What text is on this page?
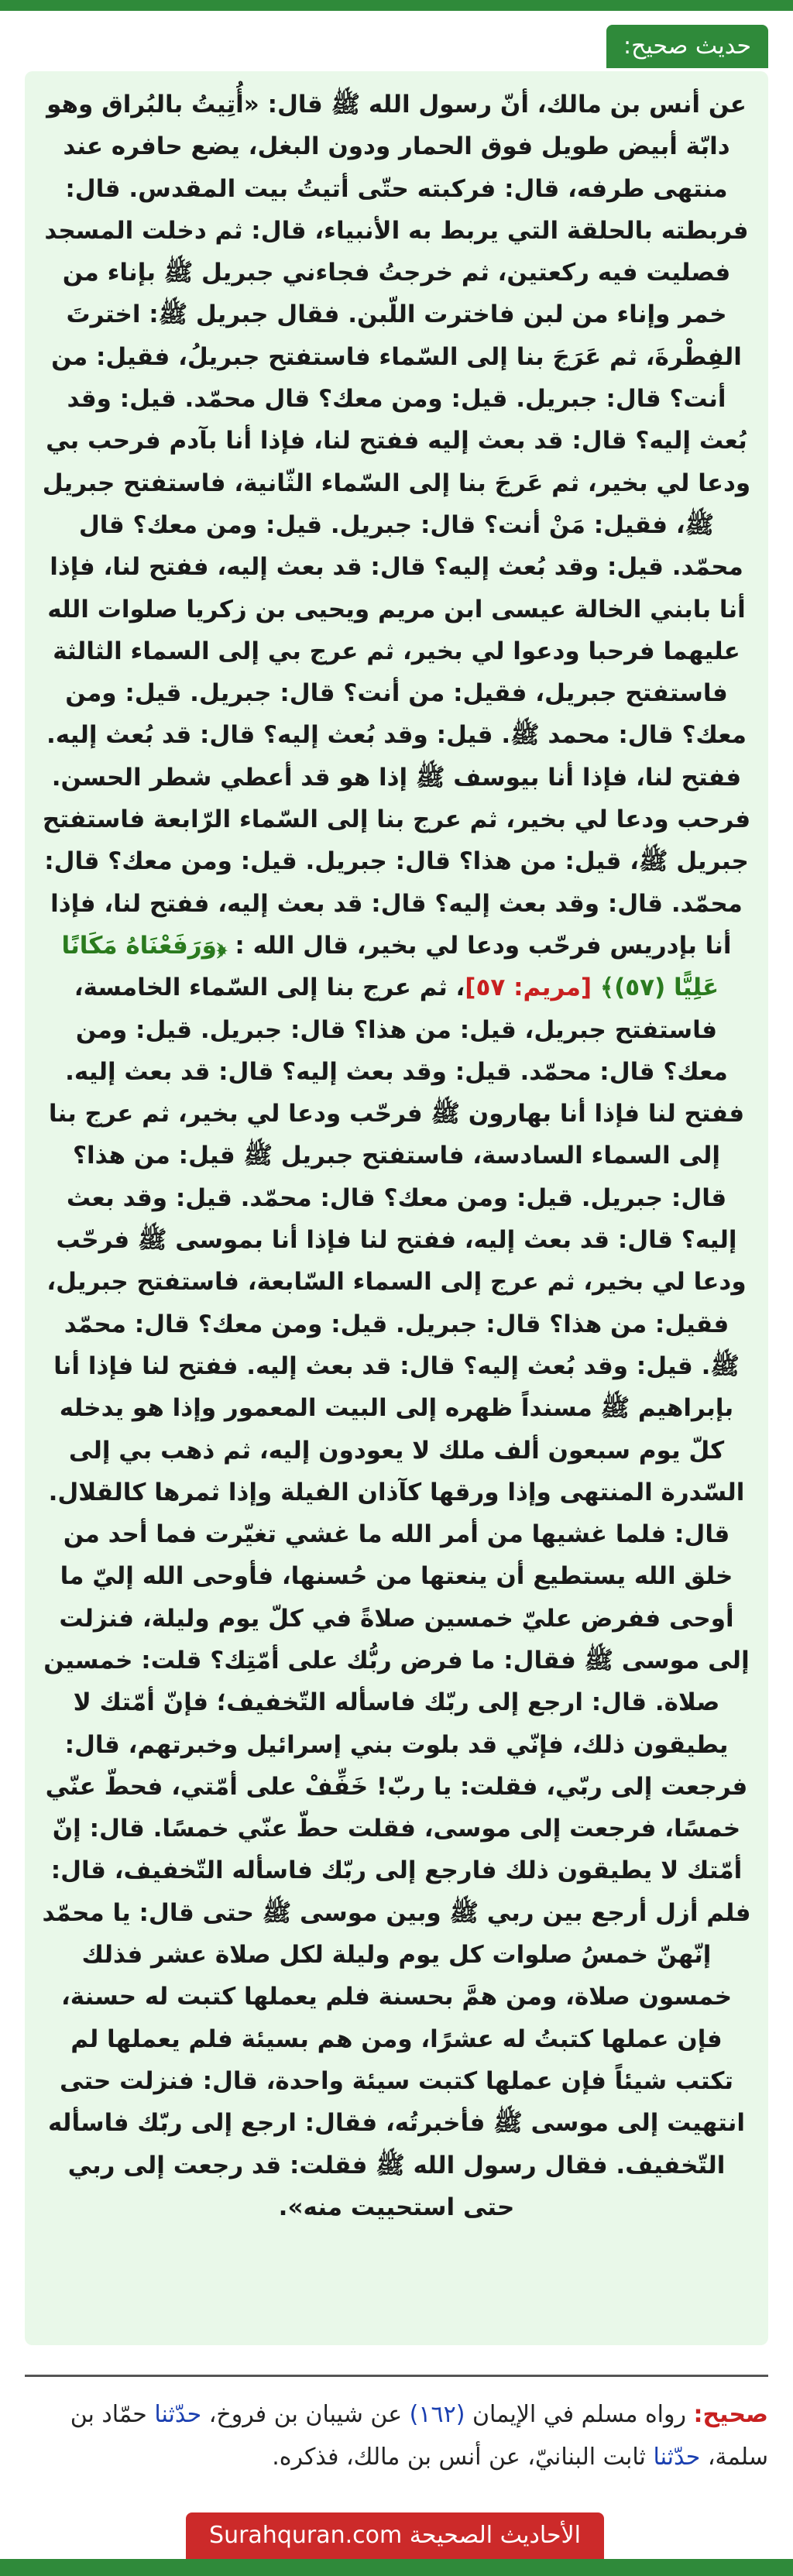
حديث صحيح:

عن أنس بن مالك، أنّ رسول الله ﷺ قال: «أُتِيتُ بالبُراق وهو دابّة أبيض طويل فوق الحمار ودون البغل، يضع حافره عند منتهى طرفه، قال: فركبته حتّى أتيتُ بيت المقدس. قال: فربطته بالحلقة التي يربط به الأنبياء، قال: ثم دخلت المسجد فصليت فيه ركعتين، ثم خرجتُ فجاءني جبريل ﷺ بإناء من خمر وإناء من لبن فاخترت اللّبن. فقال جبريل ﷺ: اخترتَ الفِطْرةَ، ثم عَرَجَ بنا إلى السّماء فاستفتح جبريلُ، فقيل: من أنت؟ قال: جبريل. قيل: ومن معك؟ قال محمّد. قيل: وقد بُعث إليه؟ قال: قد بعث إليه ففتح لنا، فإذا أنا بآدم فرحب بي ودعا لي بخير، ثم عَرجَ بنا إلى السّماء الثّانية، فاستفتح جبريل ﷺ، فقيل: مَنْ أنت؟ قال: جبريل. قيل: ومن معك؟ قال محمّد. قيل: وقد بُعث إليه؟ قال: قد بعث إليه، ففتح لنا، فإذا أنا بابني الخالة عيسى ابن مريم ويحيى بن زكريا صلوات الله عليهما فرحبا ودعوا لي بخير، ثم عرج بي إلى السماء الثالثة فاستفتح جبريل، فقيل: من أنت؟ قال: جبريل. قيل: ومن معك؟ قال: محمد ﷺ. قيل: وقد بُعث إليه؟ قال: قد بُعث إليه. ففتح لنا، فإذا أنا بيوسف ﷺ إذا هو قد أعطي شطر الحسن. فرحب ودعا لي بخير، ثم عرج بنا إلى السّماء الرّابعة فاستفتح جبريل ﷺ، قيل: من هذا؟ قال: جبريل. قيل: ومن معك؟ قال: محمّد. قال: وقد بعث إليه؟ قال: قد بعث إليه، ففتح لنا، فإذا أنا بإدريس فرحّب ودعا لي بخير، قال الله : ﴿وَرَفَعْنَاهُ مَكَانًا عَلِيًّا (٥٧)﴾ [مريم: ٥٧]، ثم عرج بنا إلى السّماء الخامسة، فاستفتح جبريل، قيل: من هذا؟ قال: جبريل. قيل: ومن معك؟ قال: محمّد. قيل: وقد بعث إليه؟ قال: قد بعث إليه. ففتح لنا فإذا أنا بهارون ﷺ فرحّب ودعا لي بخير، ثم عرج بنا إلى السماء السادسة، فاستفتح جبريل ﷺ قيل: من هذا؟ قال: جبريل. قيل: ومن معك؟ قال: محمّد. قيل: وقد بعث إليه؟ قال: قد بعث إليه، ففتح لنا فإذا أنا بموسى ﷺ فرحّب ودعا لي بخير، ثم عرج إلى السماء السّابعة، فاستفتح جبريل، فقيل: من هذا؟ قال: جبريل. قيل: ومن معك؟ قال: محمّد ﷺ. قيل: وقد بُعث إليه؟ قال: قد بعث إليه. ففتح لنا فإذا أنا بإبراهيم ﷺ مسنداً ظهره إلى البيت المعمور وإذا هو يدخله كلّ يوم سبعون ألف ملك لا يعودون إليه، ثم ذهب بي إلى السّدرة المنتهى وإذا ورقها كآذان الفيلة وإذا ثمرها كالقلال. قال: فلما غشيها من أمر الله ما غشي تغيّرت فما أحد من خلق الله يستطيع أن ينعتها من حُسنها، فأوحى الله إليّ ما أوحى ففرض عليّ خمسين صلاةً في كلّ يوم وليلة، فنزلت إلى موسى ﷺ فقال: ما فرض ربُّك على أمّتِك؟ قلت: خمسين صلاة. قال: ارجع إلى ربّك فاسأله التّخفيف؛ فإنّ أمّتك لا يطيقون ذلك، فإنّي قد بلوت بني إسرائيل وخبرتهم، قال: فرجعت إلى ربّي، فقلت: يا ربّ! خَفِّفْ على أمّتي، فحطّ عنّي خمسًا، فرجعت إلى موسى، فقلت حطّ عنّي خمسًا. قال: إنّ أمّتك لا يطيقون ذلك فارجع إلى ربّك فاسأله التّخفيف، قال: فلم أزل أرجع بين ربي ﷺ وبين موسى ﷺ حتى قال: يا محمّد إنّهنّ خمسُ صلوات كل يوم وليلة لكل صلاة عشر فذلك خمسون صلاة، ومن همَّ بحسنة فلم يعملها كتبت له حسنة، فإن عملها كتبتُ له عشرًا، ومن هم بسيئة فلم يعملها لم تكتب شيئاً فإن عملها كتبت سيئة واحدة، قال: فنزلت حتى انتهيت إلى موسى ﷺ فأخبرتُه، فقال: ارجع إلى ربّك فاسأله التّخفيف. فقال رسول الله ﷺ فقلت: قد رجعت إلى ربي حتى استحييت منه».

صحيح: رواه مسلم في الإيمان (١٦٢) عن شيبان بن فروخ، حدّثنا حمّاد بن سلمة، حدّثنا ثابت البنانيّ، عن أنس بن مالك، فذكره.

الأحاديث الصحيحة Surahquran.com
